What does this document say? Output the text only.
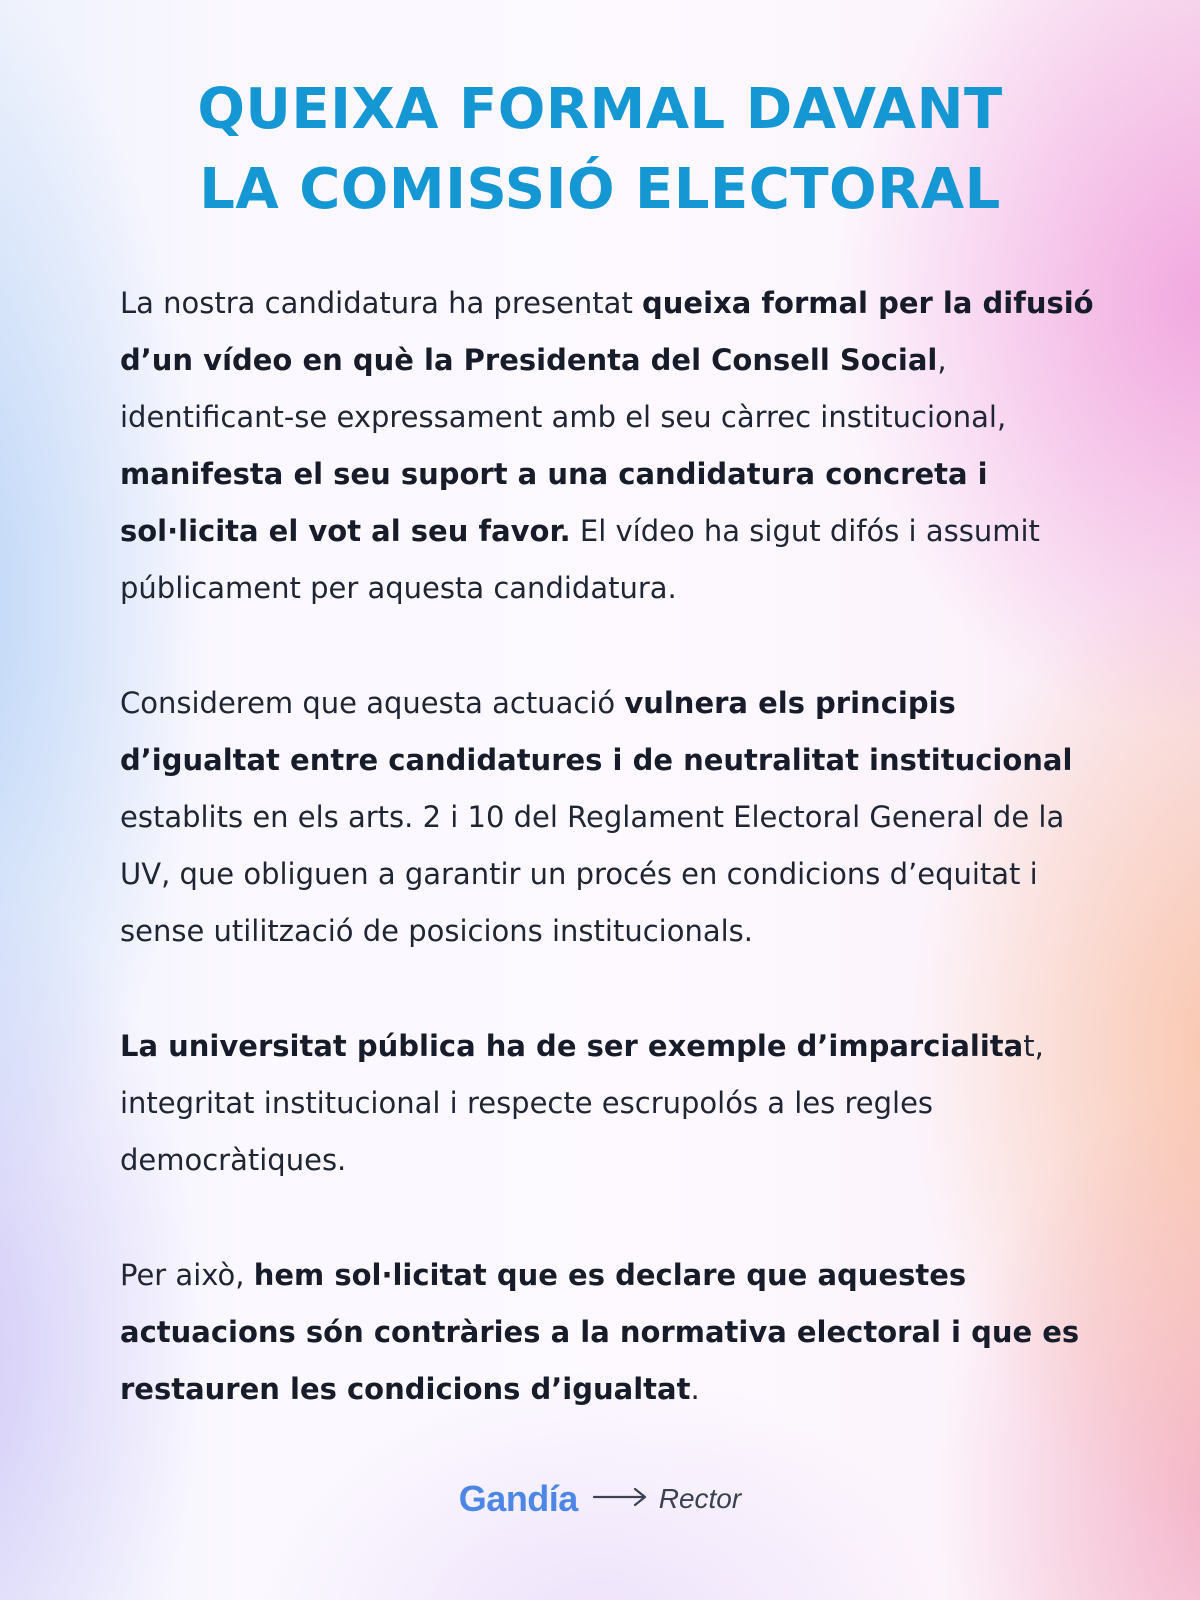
QUEIXA FORMAL DAVANT
LA COMISSIÓ ELECTORAL

La nostra candidatura ha presentat queixa formal per la difusió d’un vídeo en què la Presidenta del Consell Social, identificant-se expressament amb el seu càrrec institucional, manifesta el seu suport a una candidatura concreta i sol·licita el vot al seu favor. El vídeo ha sigut difós i assumit públicament per aquesta candidatura.

Considerem que aquesta actuació vulnera els principis d’igualtat entre candidatures i de neutralitat institucional establits en els arts. 2 i 10 del Reglament Electoral General de la UV, que obliguen a garantir un procés en condicions d’equitat i sense utilització de posicions institucionals.

La universitat pública ha de ser exemple d’imparcialitat, integritat institucional i respecte escrupolós a les regles democràtiques.

Per això, hem sol·licitat que es declare que aquestes actuacions són contràries a la normativa electoral i que es restauren les condicions d’igualtat.

Gandía	Rector
